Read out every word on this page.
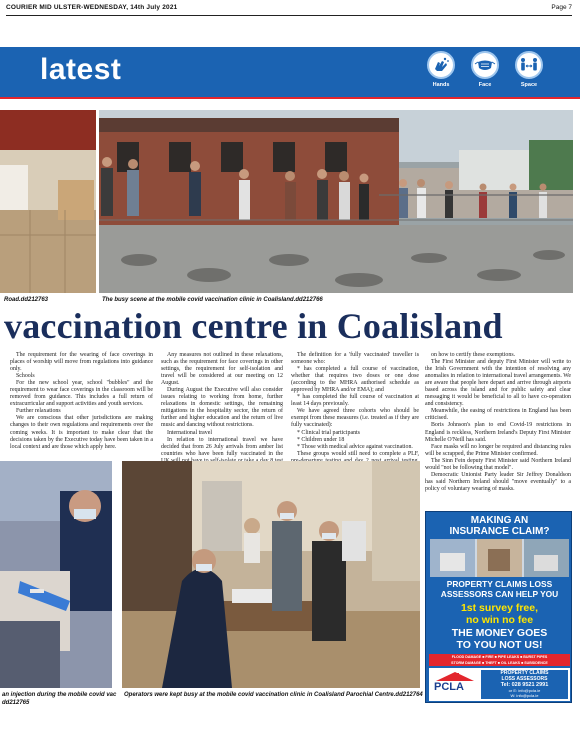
COURIER MID ULSTER-WEDNESDAY, 14th July 2021	Page 7
latest	Hands	Face	Space
Road.dd212763	The busy scene at the mobile covid vaccination clinic in Coalisland.dd212766
vaccination centre in Coalisland

The requirement for the wearing of face coverings in places of worship will move from regulations into guidance only.

Schools

For the new school year, school "bubbles" and the requirement to wear face coverings in the classroom will be removed from guidance. This includes a full return of extracurricular and support activities and youth services.

Further relaxations

We are conscious that other jurisdictions are making changes to their own regulations and requirements over the coming weeks. It is important to make clear that the decisions taken by the Executive today have been taken in a local context and are those which apply here.

Any measures not outlined in these relaxations, such as the requirement for face coverings in other settings, the requirement for self-isolation and travel will be considered at our meeting on 12 August.

During August the Executive will also consider issues relating to working from home, further relaxations in domestic settings, the remaining mitigations in the hospitality sector, the return of further and higher education and the return of live music and dancing without restrictions.

International travel

In relation to international travel we have decided that from 26 July arrivals from amber list countries who have been fully vaccinated in the

The definition for a 'fully vaccinated' traveller is someone who:

* has completed a full course of vaccination, whether that requires two doses or one dose (according to the MHRA authorised schedule as approved by MHRA and/or EMA); and

* has completed the full course of vaccination at least 14 days previously.

We have agreed three cohorts who should be exempt from these measures (i.e. treated as if they are fully vaccinated):

* Clinical trial participants

* Children under 18

* Those with medical advice against vaccination.

These groups would still need to complete a PLF,

on how to certify these exemptions.

The First Minister and deputy First Minister will write to the Irish Government with the intention of resolving any anomalies in relation to international travel arrangements. We are aware that people here depart and arrive through airports based across the island and for public safety and clear messaging it would be beneficial to all to have co-operation and consistency.

Meanwhile, the easing of restrictions in England has been criticised.

Boris Johnson's plan to end Covid-19 restrictions in England is reckless, Northern Ireland's Deputy First Minister Michelle O'Neill has said.

Face masks will no longer be required and distancing rules will be scrapped, the Prime Minister confirmed.

The Sinn Fein deputy First Minister said Northern Ireland would "not be following that model".

Democratic Unionist Party leader Sir Jeffrey Donaldson has said Northern Ireland should "move eventually" to a policy of voluntary wearing of masks.

an injection during the mobile covid vac
dd212765
Operators were kept busy at the mobile covid vaccination clinic in Coalisland Parochial Centre.dd212764
MAKING AN
INSURANCE CLAIM?
PROPERTY CLAIMS LOSS
ASSESSORS CAN HELP YOU
1st survey free,
no win no fee
THE MONEY GOES
TO YOU NOT US!
FLOOD DAMAGE ■ FIRE ■ PIPE LEAKS ■ BURST PIPES
STORM DAMAGE ■ THEFT ■ OIL LEAKS ■ SUBSIDENCE
PCLA
PROPERTY CLAIMS
LOSS ASSESSORS
Tel: 028 9521 2991
or E: info@pcla.ie
W: info@pcla.ie
